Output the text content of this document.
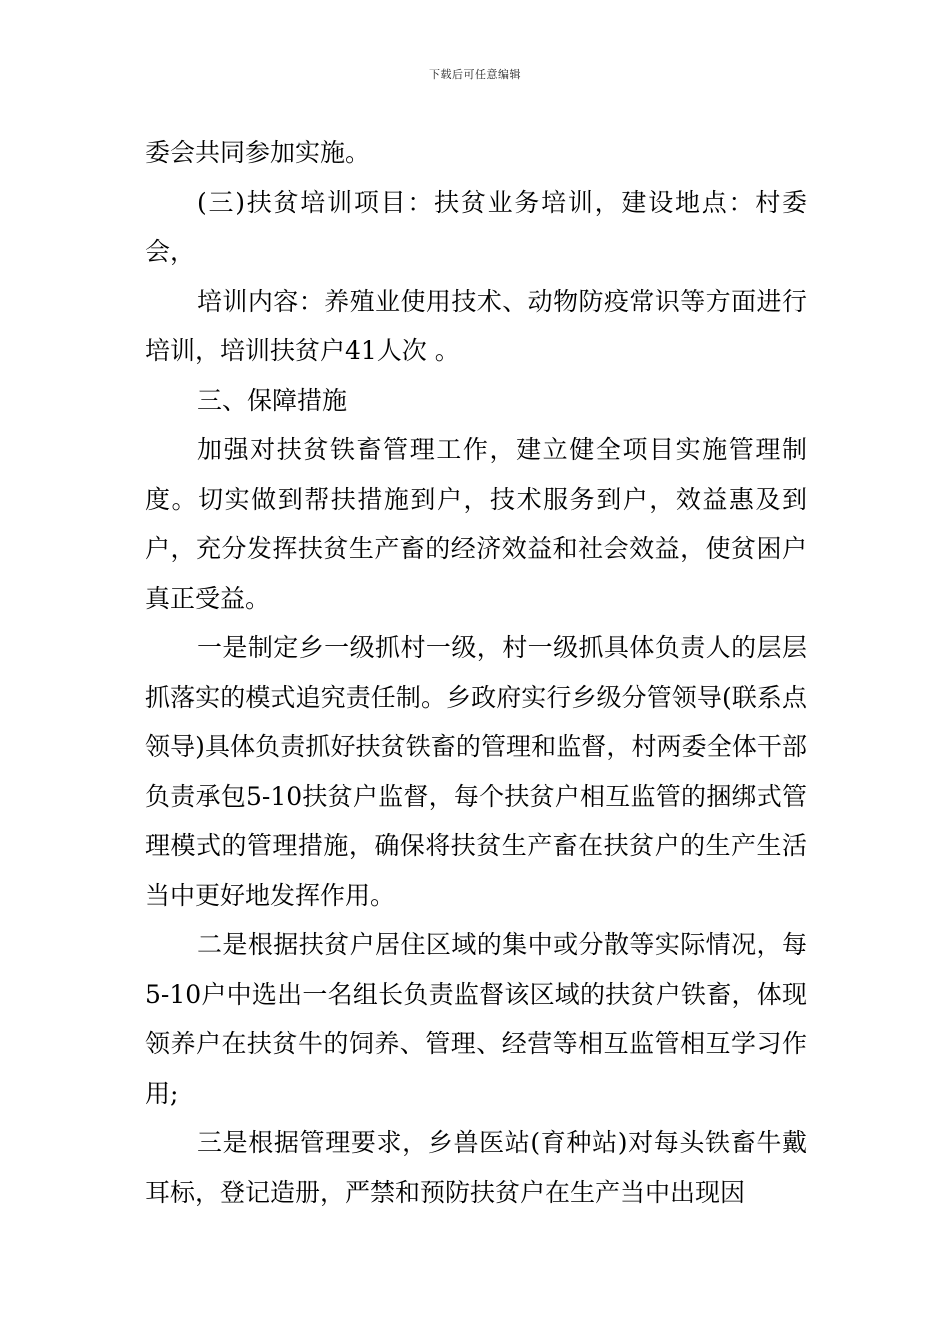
下载后可任意编辑

委会共同参加实施。

(三)扶贫培训项目：扶贫业务培训，建设地点：村委会，

培训内容：养殖业使用技术、动物防疫常识等方面进行培训，培训扶贫户41人次 。

三、保障措施

加强对扶贫铁畜管理工作，建立健全项目实施管理制度。切实做到帮扶措施到户，技术服务到户，效益惠及到户，充分发挥扶贫生产畜的经济效益和社会效益，使贫困户真正受益。

一是制定乡一级抓村一级，村一级抓具体负责人的层层抓落实的模式追究责任制。乡政府实行乡级分管领导(联系点领导)具体负责抓好扶贫铁畜的管理和监督，村两委全体干部负责承包5-10扶贫户监督，每个扶贫户相互监管的捆绑式管理模式的管理措施，确保将扶贫生产畜在扶贫户的生产生活当中更好地发挥作用。

二是根据扶贫户居住区域的集中或分散等实际情况，每5-10户中选出一名组长负责监督该区域的扶贫户铁畜，体现领养户在扶贫牛的饲养、管理、经营等相互监管相互学习作用;

三是根据管理要求，乡兽医站(育种站)对每头铁畜牛戴耳标，登记造册，严禁和预防扶贫户在生产当中出现因
